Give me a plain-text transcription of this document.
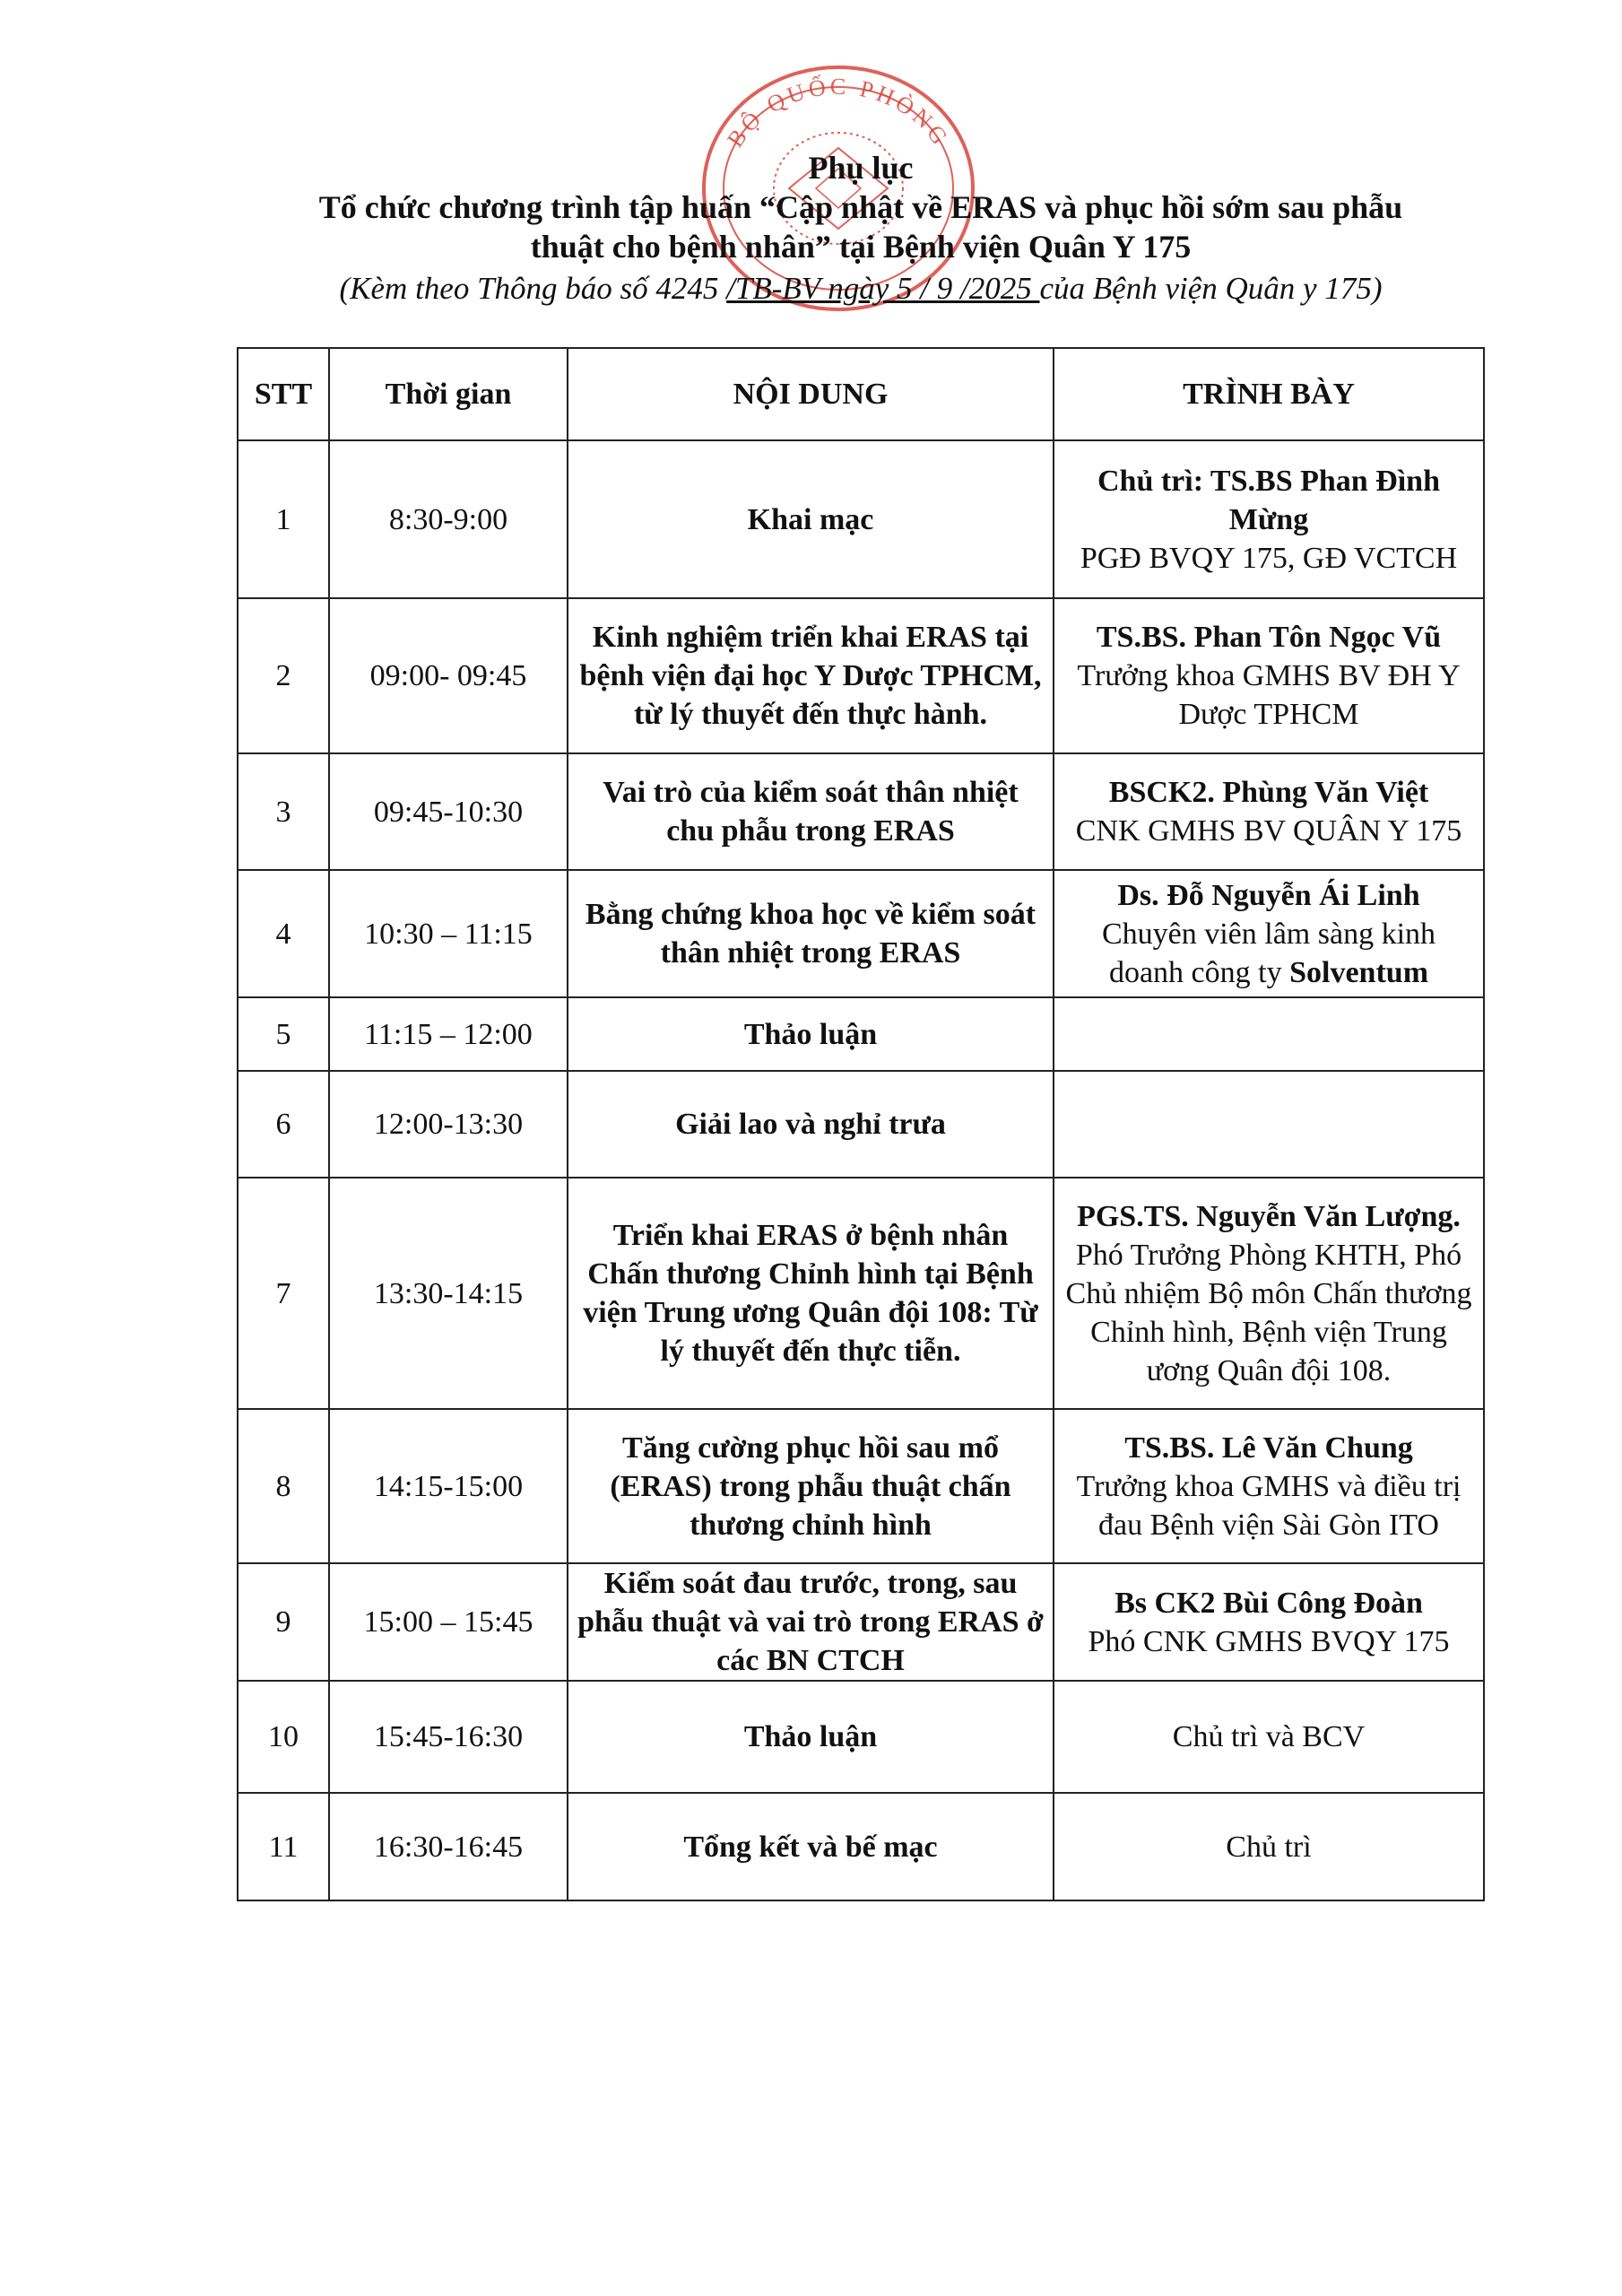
BỘ QUỐC PHÒNG

Phụ lục

Tổ chức chương trình tập huấn “Cập nhật về ERAS và phục hồi sớm sau phẫu

thuật cho bệnh nhân” tại Bệnh viện Quân Y 175

(Kèm theo Thông báo số 4245 /TB-BV ngày 5 / 9 /2025 của Bệnh viện Quân y 175)

STT	Thời gian	NỘI DUNG	TRÌNH BÀY
1	8:30-9:00	Khai mạc	Chủ trì: TS.BS Phan Đình Mừng
PGĐ BVQY 175, GĐ VCTCH

2	09:00- 09:45	Kinh nghiệm triển khai ERAS tại bệnh viện đại học Y Dược TPHCM, từ lý thuyết đến thực hành.	TS.BS. Phan Tôn Ngọc Vũ
Trưởng khoa GMHS BV ĐH Y Dược TPHCM

3	09:45-10:30	Vai trò của kiểm soát thân nhiệt chu phẫu trong ERAS	BSCK2. Phùng Văn Việt
CNK GMHS BV QUÂN Y 175

4	10:30 – 11:15	Bằng chứng khoa học về kiểm soát thân nhiệt trong ERAS	Ds. Đỗ Nguyễn Ái Linh
Chuyên viên lâm sàng kinh doanh công ty Solventum

5	11:15 – 12:00	Thảo luận	
6	12:00-13:30	Giải lao và nghỉ trưa	
7	13:30-14:15	Triển khai ERAS ở bệnh nhân Chấn thương Chỉnh hình tại Bệnh viện Trung ương Quân đội 108: Từ lý thuyết đến thực tiễn.	PGS.TS. Nguyễn Văn Lượng.
Phó Trưởng Phòng KHTH, Phó Chủ nhiệm Bộ môn Chấn thương Chỉnh hình, Bệnh viện Trung ương Quân đội 108.

8	14:15-15:00	Tăng cường phục hồi sau mổ (ERAS) trong phẫu thuật chấn thương chỉnh hình	TS.BS. Lê Văn Chung
Trưởng khoa GMHS và điều trị đau Bệnh viện Sài Gòn ITO

9	15:00 – 15:45	Kiểm soát đau trước, trong, sau phẫu thuật và vai trò trong ERAS ở các BN CTCH	Bs CK2 Bùi Công Đoàn
Phó CNK GMHS BVQY 175

10	15:45-16:30	Thảo luận	Chủ trì và BCV

11	16:30-16:45	Tổng kết và bế mạc	Chủ trì
